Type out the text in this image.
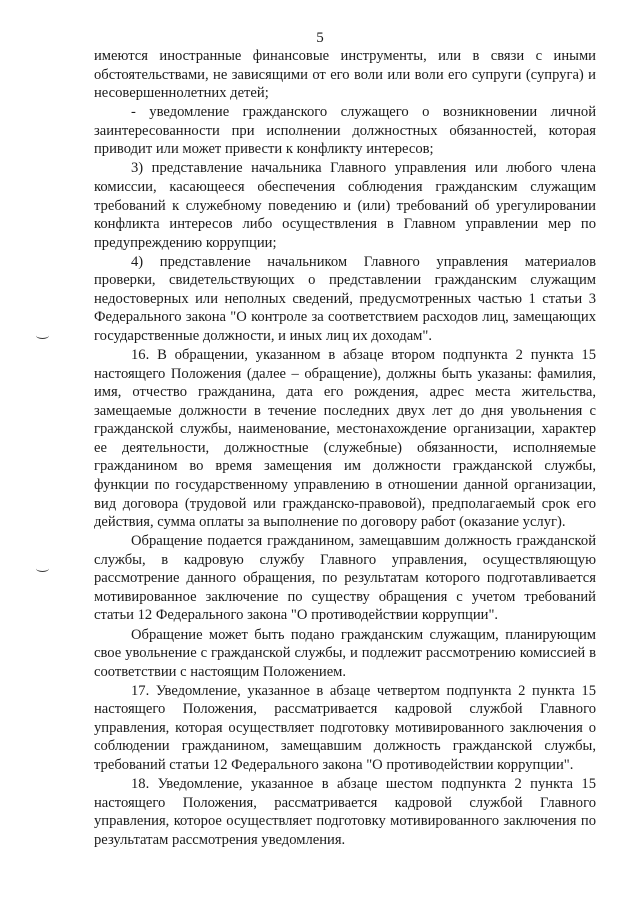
5

имеются иностранные финансовые инструменты, или в связи с иными обстоятельствами, не зависящими от его воли или воли его супруги (супруга) и несовершеннолетних детей;

- уведомление гражданского служащего о возникновении личной заинтересованности при исполнении должностных обязанностей, которая приводит или может привести к конфликту интересов;

3) представление начальника Главного управления или любого члена комиссии, касающееся обеспечения соблюдения гражданским служащим требований к служебному поведению и (или) требований об урегулировании конфликта интересов либо осуществления в Главном управлении мер по предупреждению коррупции;

4) представление начальником Главного управления материалов проверки, свидетельствующих о представлении гражданским служащим недостоверных или неполных сведений, предусмотренных частью 1 статьи 3 Федерального закона "О контроле за соответствием расходов лиц, замещающих государственные должности, и иных лиц их доходам".

16. В обращении, указанном в абзаце втором подпункта 2 пункта 15 настоящего Положения (далее – обращение), должны быть указаны: фамилия, имя, отчество гражданина, дата его рождения, адрес места жительства, замещаемые должности в течение последних двух лет до дня увольнения с гражданской службы, наименование, местонахождение организации, характер ее деятельности, должностные (служебные) обязанности, исполняемые гражданином во время замещения им должности гражданской службы, функции по государственному управлению в отношении данной организации, вид договора (трудовой или гражданско-правовой), предполагаемый срок его действия, сумма оплаты за выполнение по договору работ (оказание услуг).

Обращение подается гражданином, замещавшим должность гражданской службы, в кадровую службу Главного управления, осуществляющую рассмотрение данного обращения, по результатам которого подготавливается мотивированное заключение по существу обращения с учетом требований статьи 12 Федерального закона "О противодействии коррупции".

Обращение может быть подано гражданским служащим, планирующим свое увольнение с гражданской службы, и подлежит рассмотрению комиссией в соответствии с настоящим Положением.

17. Уведомление, указанное в абзаце четвертом подпункта 2 пункта 15 настоящего Положения, рассматривается кадровой службой Главного управления, которая осуществляет подготовку мотивированного заключения о соблюдении гражданином, замещавшим должность гражданской службы, требований статьи 12 Федерального закона "О противодействии коррупции".

18. Уведомление, указанное в абзаце шестом подпункта 2 пункта 15 настоящего Положения, рассматривается кадровой службой Главного управления, которое осуществляет подготовку мотивированного заключения по результатам рассмотрения уведомления.
